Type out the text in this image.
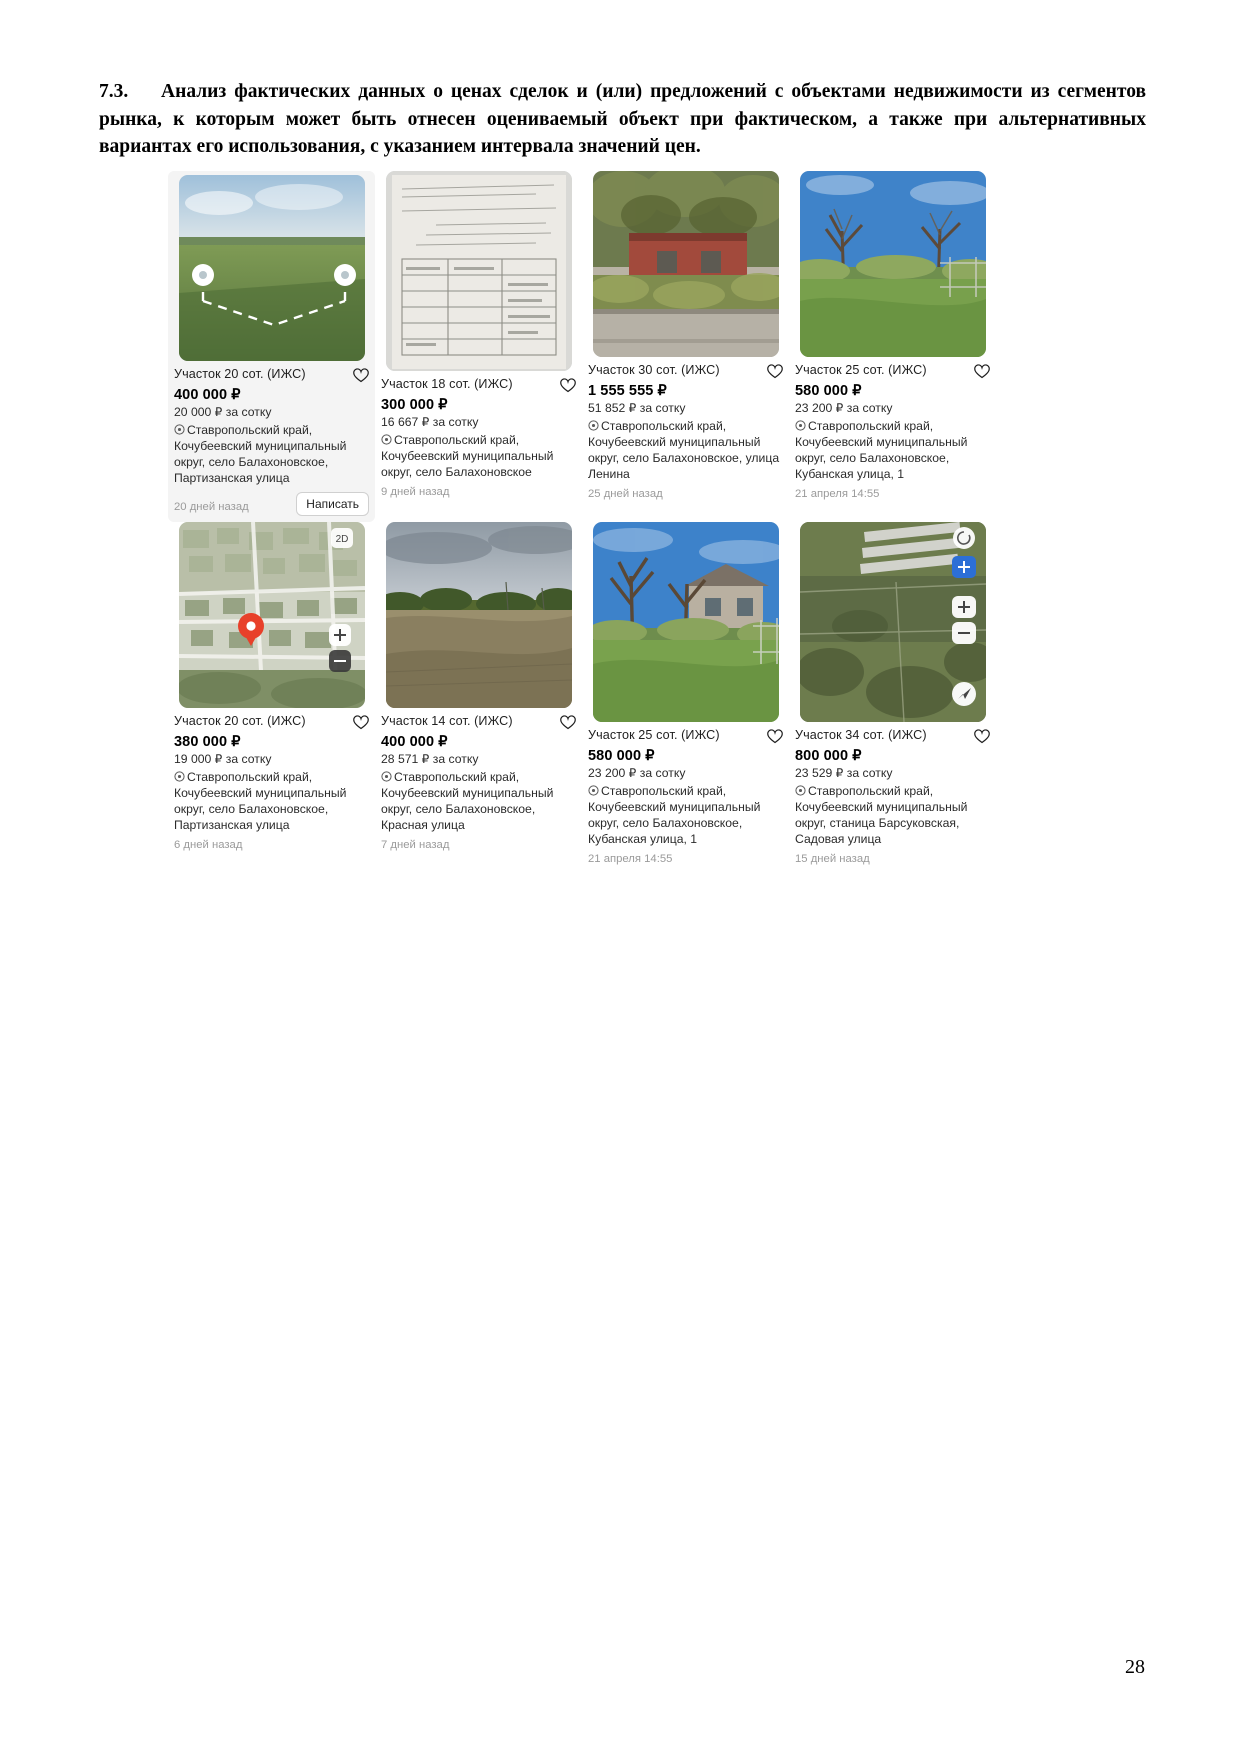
7.3. Анализ фактических данных о ценах сделок и (или) предложений с объектами недвижимости из сегментов рынка, к которым может быть отнесен оцениваемый объект при фактическом, а также при альтернативных вариантах его использования, с указанием интервала значений цен.
Участок 20 сот. (ИЖС)
400 000 ₽
20 000 ₽ за сотку
Ставропольский край, Кочубеевский муниципальный округ, село Балахоновское, Партизанская улица
20 дней назад	Написать
Участок 18 сот. (ИЖС)
300 000 ₽
16 667 ₽ за сотку
Ставропольский край, Кочубеевский муниципальный округ, село Балахоновское
9 дней назад
Участок 30 сот. (ИЖС)
1 555 555 ₽
51 852 ₽ за сотку
Ставропольский край, Кочубеевский муниципальный округ, село Балахоновское, улица Ленина
25 дней назад
Участок 25 сот. (ИЖС)
580 000 ₽
23 200 ₽ за сотку
Ставропольский край, Кочубеевский муниципальный округ, село Балахоновское, Кубанская улица, 1
21 апреля 14:55
2D
Участок 20 сот. (ИЖС)
380 000 ₽
19 000 ₽ за сотку
Ставропольский край, Кочубеевский муниципальный округ, село Балахоновское, Партизанская улица
6 дней назад
Участок 14 сот. (ИЖС)
400 000 ₽
28 571 ₽ за сотку
Ставропольский край, Кочубеевский муниципальный округ, село Балахоновское, Красная улица
7 дней назад
Участок 25 сот. (ИЖС)
580 000 ₽
23 200 ₽ за сотку
Ставропольский край, Кочубеевский муниципальный округ, село Балахоновское, Кубанская улица, 1
21 апреля 14:55
Участок 34 сот. (ИЖС)
800 000 ₽
23 529 ₽ за сотку
Ставропольский край, Кочубеевский муниципальный округ, станица Барсуковская, Садовая улица
15 дней назад
28
